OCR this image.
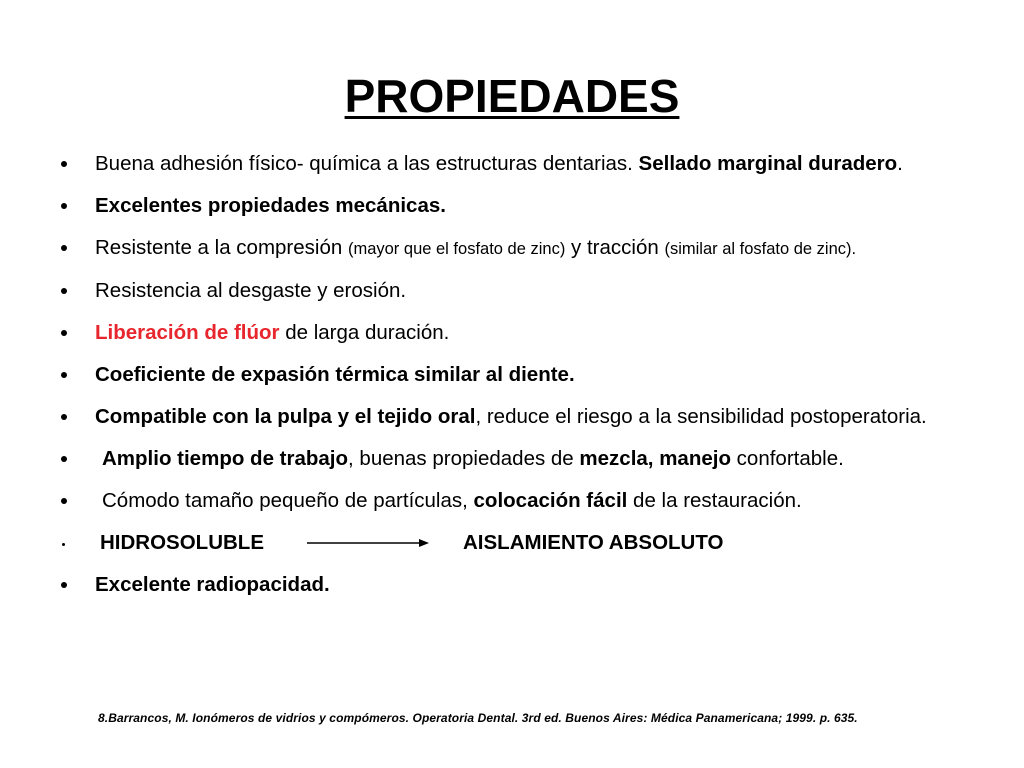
PROPIEDADES
Buena adhesión físico- química a las estructuras dentarias. Sellado marginal duradero.
Excelentes propiedades mecánicas.
Resistente a la compresión (mayor que el fosfato de zinc) y tracción (similar al fosfato de zinc).
Resistencia al desgaste y erosión.
Liberación de flúor de larga duración.
Coeficiente de expasión térmica similar al diente.
Compatible con la pulpa y el tejido oral, reduce el riesgo a la sensibilidad postoperatoria.
Amplio tiempo de trabajo, buenas propiedades de mezcla, manejo confortable.
Cómodo tamaño pequeño de partículas, colocación fácil de la restauración.
HIDROSOLUBLE	AISLAMIENTO ABSOLUTO
Excelente radiopacidad.
8.Barrancos, M. Ionómeros de vidrios y compómeros. Operatoria Dental. 3rd ed. Buenos Aires: Médica Panamericana; 1999. p. 635.
